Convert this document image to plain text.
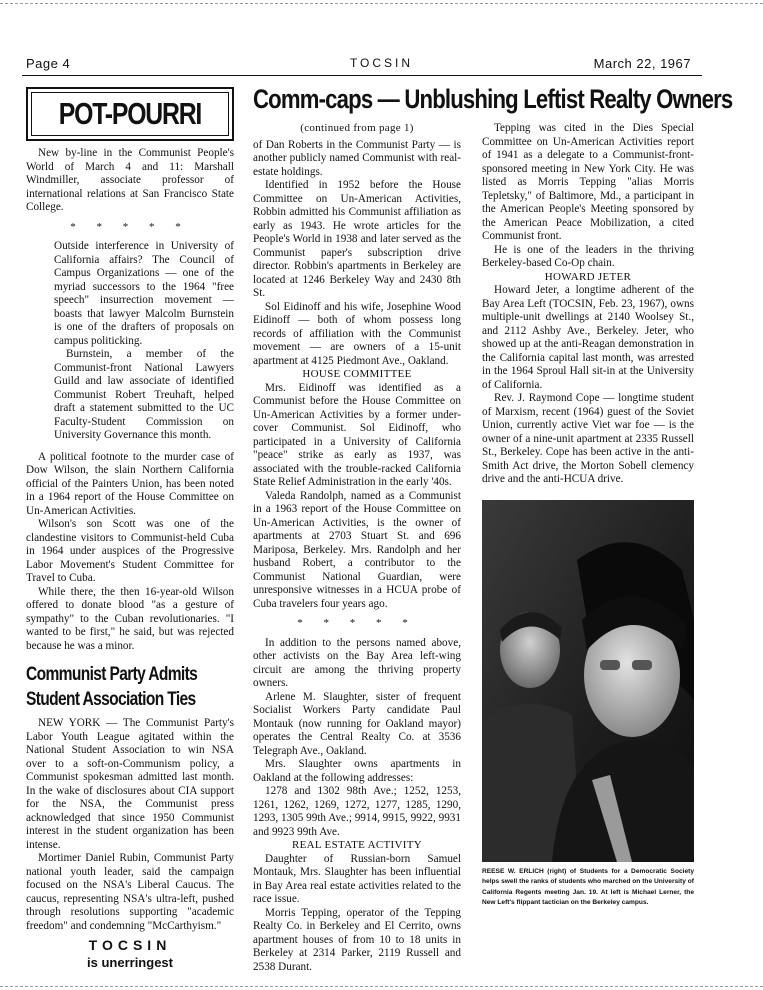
Page 4	TOCSIN	March 22, 1967
POT-POURRI Comm-caps — Unblushing Leftist Realty Owners

New by-line in the Communist People's World of March 4 and 11: Marshall Windmiller, associate professor of international relations at San Francisco State College.

* * * * *

Outside interference in University of California affairs? The Council of Campus Organizations — one of the myriad successors to the 1964 "free speech" insurrection movement — boasts that lawyer Malcolm Burnstein is one of the drafters of proposals on campus politicking.

Burnstein, a member of the Communist-front National Lawyers Guild and law associate of identified Communist Robert Treuhaft, helped draft a statement submitted to the UC Faculty-Student Commission on University Governance this month.

A political footnote to the murder case of Dow Wilson, the slain Northern California official of the Painters Union, has been noted in a 1964 report of the House Committee on Un-American Activities.

Wilson's son Scott was one of the clandestine visitors to Communist-held Cuba in 1964 under auspices of the Progressive Labor Movement's Student Committee for Travel to Cuba.

While there, the then 16-year-old Wilson offered to donate blood "as a gesture of sympathy" to the Cuban revolutionaries. "I wanted to be first," he said, but was rejected because he was a minor.

Communist Party Admits
Student Association Ties

NEW YORK — The Communist Party's Labor Youth League agitated within the National Student Association to win NSA over to a soft-on-Communism policy, a Communist spokesman admitted last month. In the wake of disclosures about CIA support for the NSA, the Communist press acknowledged that since 1950 Communist interest in the student organization has been intense.

Mortimer Daniel Rubin, Communist Party national youth leader, said the campaign focused on the NSA's Liberal Caucus. The caucus, representing NSA's ultra-left, pushed through resolutions supporting "academic freedom" and condemning "McCarthyism."

TOCSIN
is unerringest
(continued from page 1)

of Dan Roberts in the Communist Party — is another publicly named Communist with real-estate holdings.

Identified in 1952 before the House Committee on Un-American Activities, Robbin admitted his Communist affiliation as early as 1943. He wrote articles for the People's World in 1938 and later served as the Communist paper's subscription drive director. Robbin's apartments in Berkeley are located at 1246 Berkeley Way and 2430 8th St.

Sol Eidinoff and his wife, Josephine Wood Eidinoff — both of whom possess long records of affiliation with the Communist movement — are owners of a 15-unit apartment at 4125 Piedmont Ave., Oakland.

HOUSE COMMITTEE

Mrs. Eidinoff was identified as a Communist before the House Committee on Un-American Activities by a former under-cover Communist. Sol Eidinoff, who participated in a University of California "peace" strike as early as 1937, was associated with the trouble-racked California State Relief Administration in the early '40s.

Valeda Randolph, named as a Communist in a 1963 report of the House Committee on Un-American Activities, is the owner of apartments at 2703 Stuart St. and 696 Mariposa, Berkeley. Mrs. Randolph and her husband Robert, a contributor to the Communist National Guardian, were unresponsive witnesses in a HCUA probe of Cuba travelers four years ago.

* * * * *

In addition to the persons named above, other activists on the Bay Area left-wing circuit are among the thriving property owners.

Arlene M. Slaughter, sister of frequent Socialist Workers Party candidate Paul Montauk (now running for Oakland mayor) operates the Central Realty Co. at 3536 Telegraph Ave., Oakland.

Mrs. Slaughter owns apartments in Oakland at the following addresses:

1278 and 1302 98th Ave.; 1252, 1253, 1261, 1262, 1269, 1272, 1277, 1285, 1290, 1293, 1305 99th Ave.; 9914, 9915, 9922, 9931 and 9923 99th Ave.

REAL ESTATE ACTIVITY

Daughter of Russian-born Samuel Montauk, Mrs. Slaughter has been influential in Bay Area real estate activities related to the race issue.

Morris Tepping, operator of the Tepping Realty Co. in Berkeley and El Cerrito, owns apartment houses of from 10 to 18 units in Berkeley at 2314 Parker, 2119 Russell and 2538 Durant.

Tepping was cited in the Dies Special Committee on Un-American Activities report of 1941 as a delegate to a Communist-front-sponsored meeting in New York City. He was listed as Morris Tepping "alias Morris Tepletsky," of Baltimore, Md., a participant in the American People's Meeting sponsored by the American Peace Mobilization, a cited Communist front.

He is one of the leaders in the thriving Berkeley-based Co-Op chain.

HOWARD JETER

Howard Jeter, a longtime adherent of the Bay Area Left (TOCSIN, Feb. 23, 1967), owns multiple-unit dwellings at 2140 Woolsey St., and 2112 Ashby Ave., Berkeley. Jeter, who showed up at the anti-Reagan demonstration in the California capital last month, was arrested in the 1964 Sproul Hall sit-in at the University of California.

Rev. J. Raymond Cope — longtime student of Marxism, recent (1964) guest of the Soviet Union, currently active Viet war foe — is the owner of a nine-unit apartment at 2335 Russell St., Berkeley. Cope has been active in the anti-Smith Act drive, the Morton Sobell clemency drive and the anti-HCUA drive.

REESE W. ERLICH (right) of Students for a Democratic Society helps swell the ranks of students who marched on the University of California Regents meeting Jan. 19. At left is Michael Lerner, the New Left's flippant tactician on the Berkeley campus.
